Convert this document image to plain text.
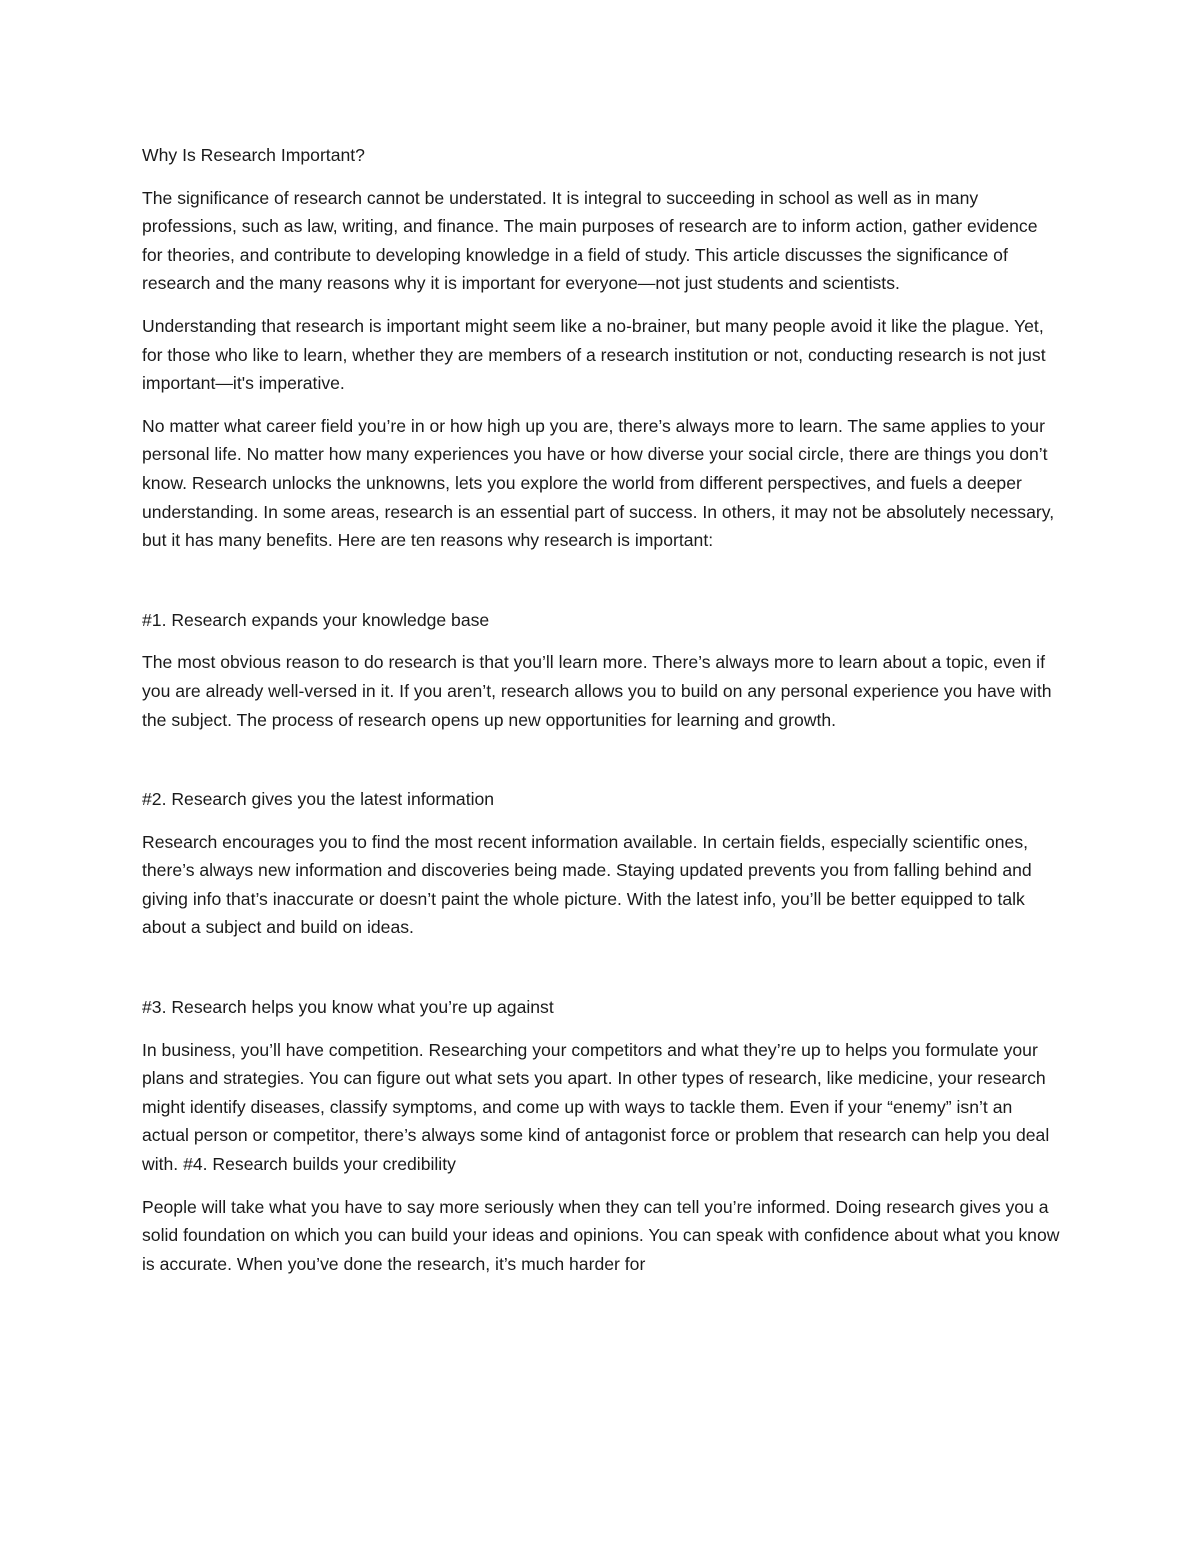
Why Is Research Important?

The significance of research cannot be understated. It is integral to succeeding in school as well as in many professions, such as law, writing, and finance. The main purposes of research are to inform action, gather evidence for theories, and contribute to developing knowledge in a field of study. This article discusses the significance of research and the many reasons why it is important for everyone—not just students and scientists.

Understanding that research is important might seem like a no-brainer, but many people avoid it like the plague. Yet, for those who like to learn, whether they are members of a research institution or not, conducting research is not just important—it's imperative.

No matter what career field you’re in or how high up you are, there’s always more to learn. The same applies to your personal life. No matter how many experiences you have or how diverse your social circle, there are things you don’t know. Research unlocks the unknowns, lets you explore the world from different perspectives, and fuels a deeper understanding. In some areas, research is an essential part of success. In others, it may not be absolutely necessary, but it has many benefits. Here are ten reasons why research is important:

#1. Research expands your knowledge base

The most obvious reason to do research is that you’ll learn more. There’s always more to learn about a topic, even if you are already well-versed in it. If you aren’t, research allows you to build on any personal experience you have with the subject. The process of research opens up new opportunities for learning and growth.

#2. Research gives you the latest information

Research encourages you to find the most recent information available. In certain fields, especially scientific ones, there’s always new information and discoveries being made. Staying updated prevents you from falling behind and giving info that’s inaccurate or doesn’t paint the whole picture. With the latest info, you’ll be better equipped to talk about a subject and build on ideas.

#3. Research helps you know what you’re up against

In business, you’ll have competition. Researching your competitors and what they’re up to helps you formulate your plans and strategies. You can figure out what sets you apart. In other types of research, like medicine, your research might identify diseases, classify symptoms, and come up with ways to tackle them. Even if your “enemy” isn’t an actual person or competitor, there’s always some kind of antagonist force or problem that research can help you deal with. #4. Research builds your credibility

People will take what you have to say more seriously when they can tell you’re informed. Doing research gives you a solid foundation on which you can build your ideas and opinions. You can speak with confidence about what you know is accurate. When you’ve done the research, it’s much harder for
